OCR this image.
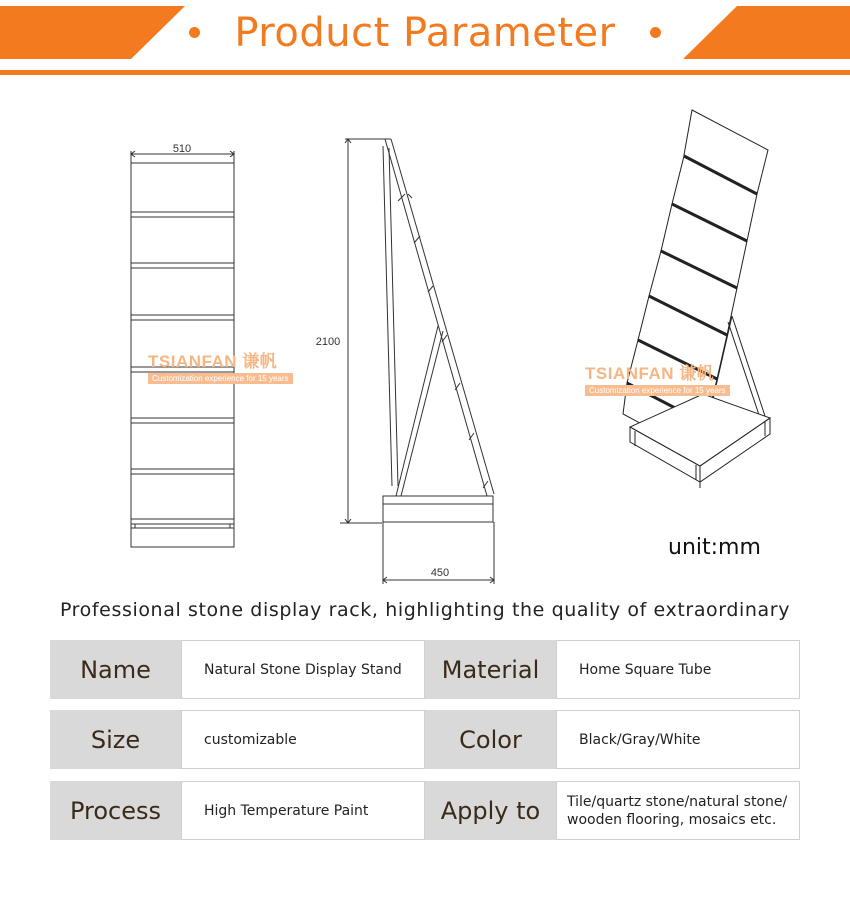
Product Parameter
510
2100
450
TSIANFAN 谦帆
Customization experience for 15 years	TSIANFAN 谦帆
Customization experience for 15 years
unit:mm
Professional stone display rack, highlighting the quality of extraordinary
Name	Natural Stone Display Stand	Material	Home Square Tube
Size	customizable	Color	Black/Gray/White
Process	High Temperature Paint	Apply to	Tile/quartz stone/natural stone/
wooden flooring, mosaics etc.
